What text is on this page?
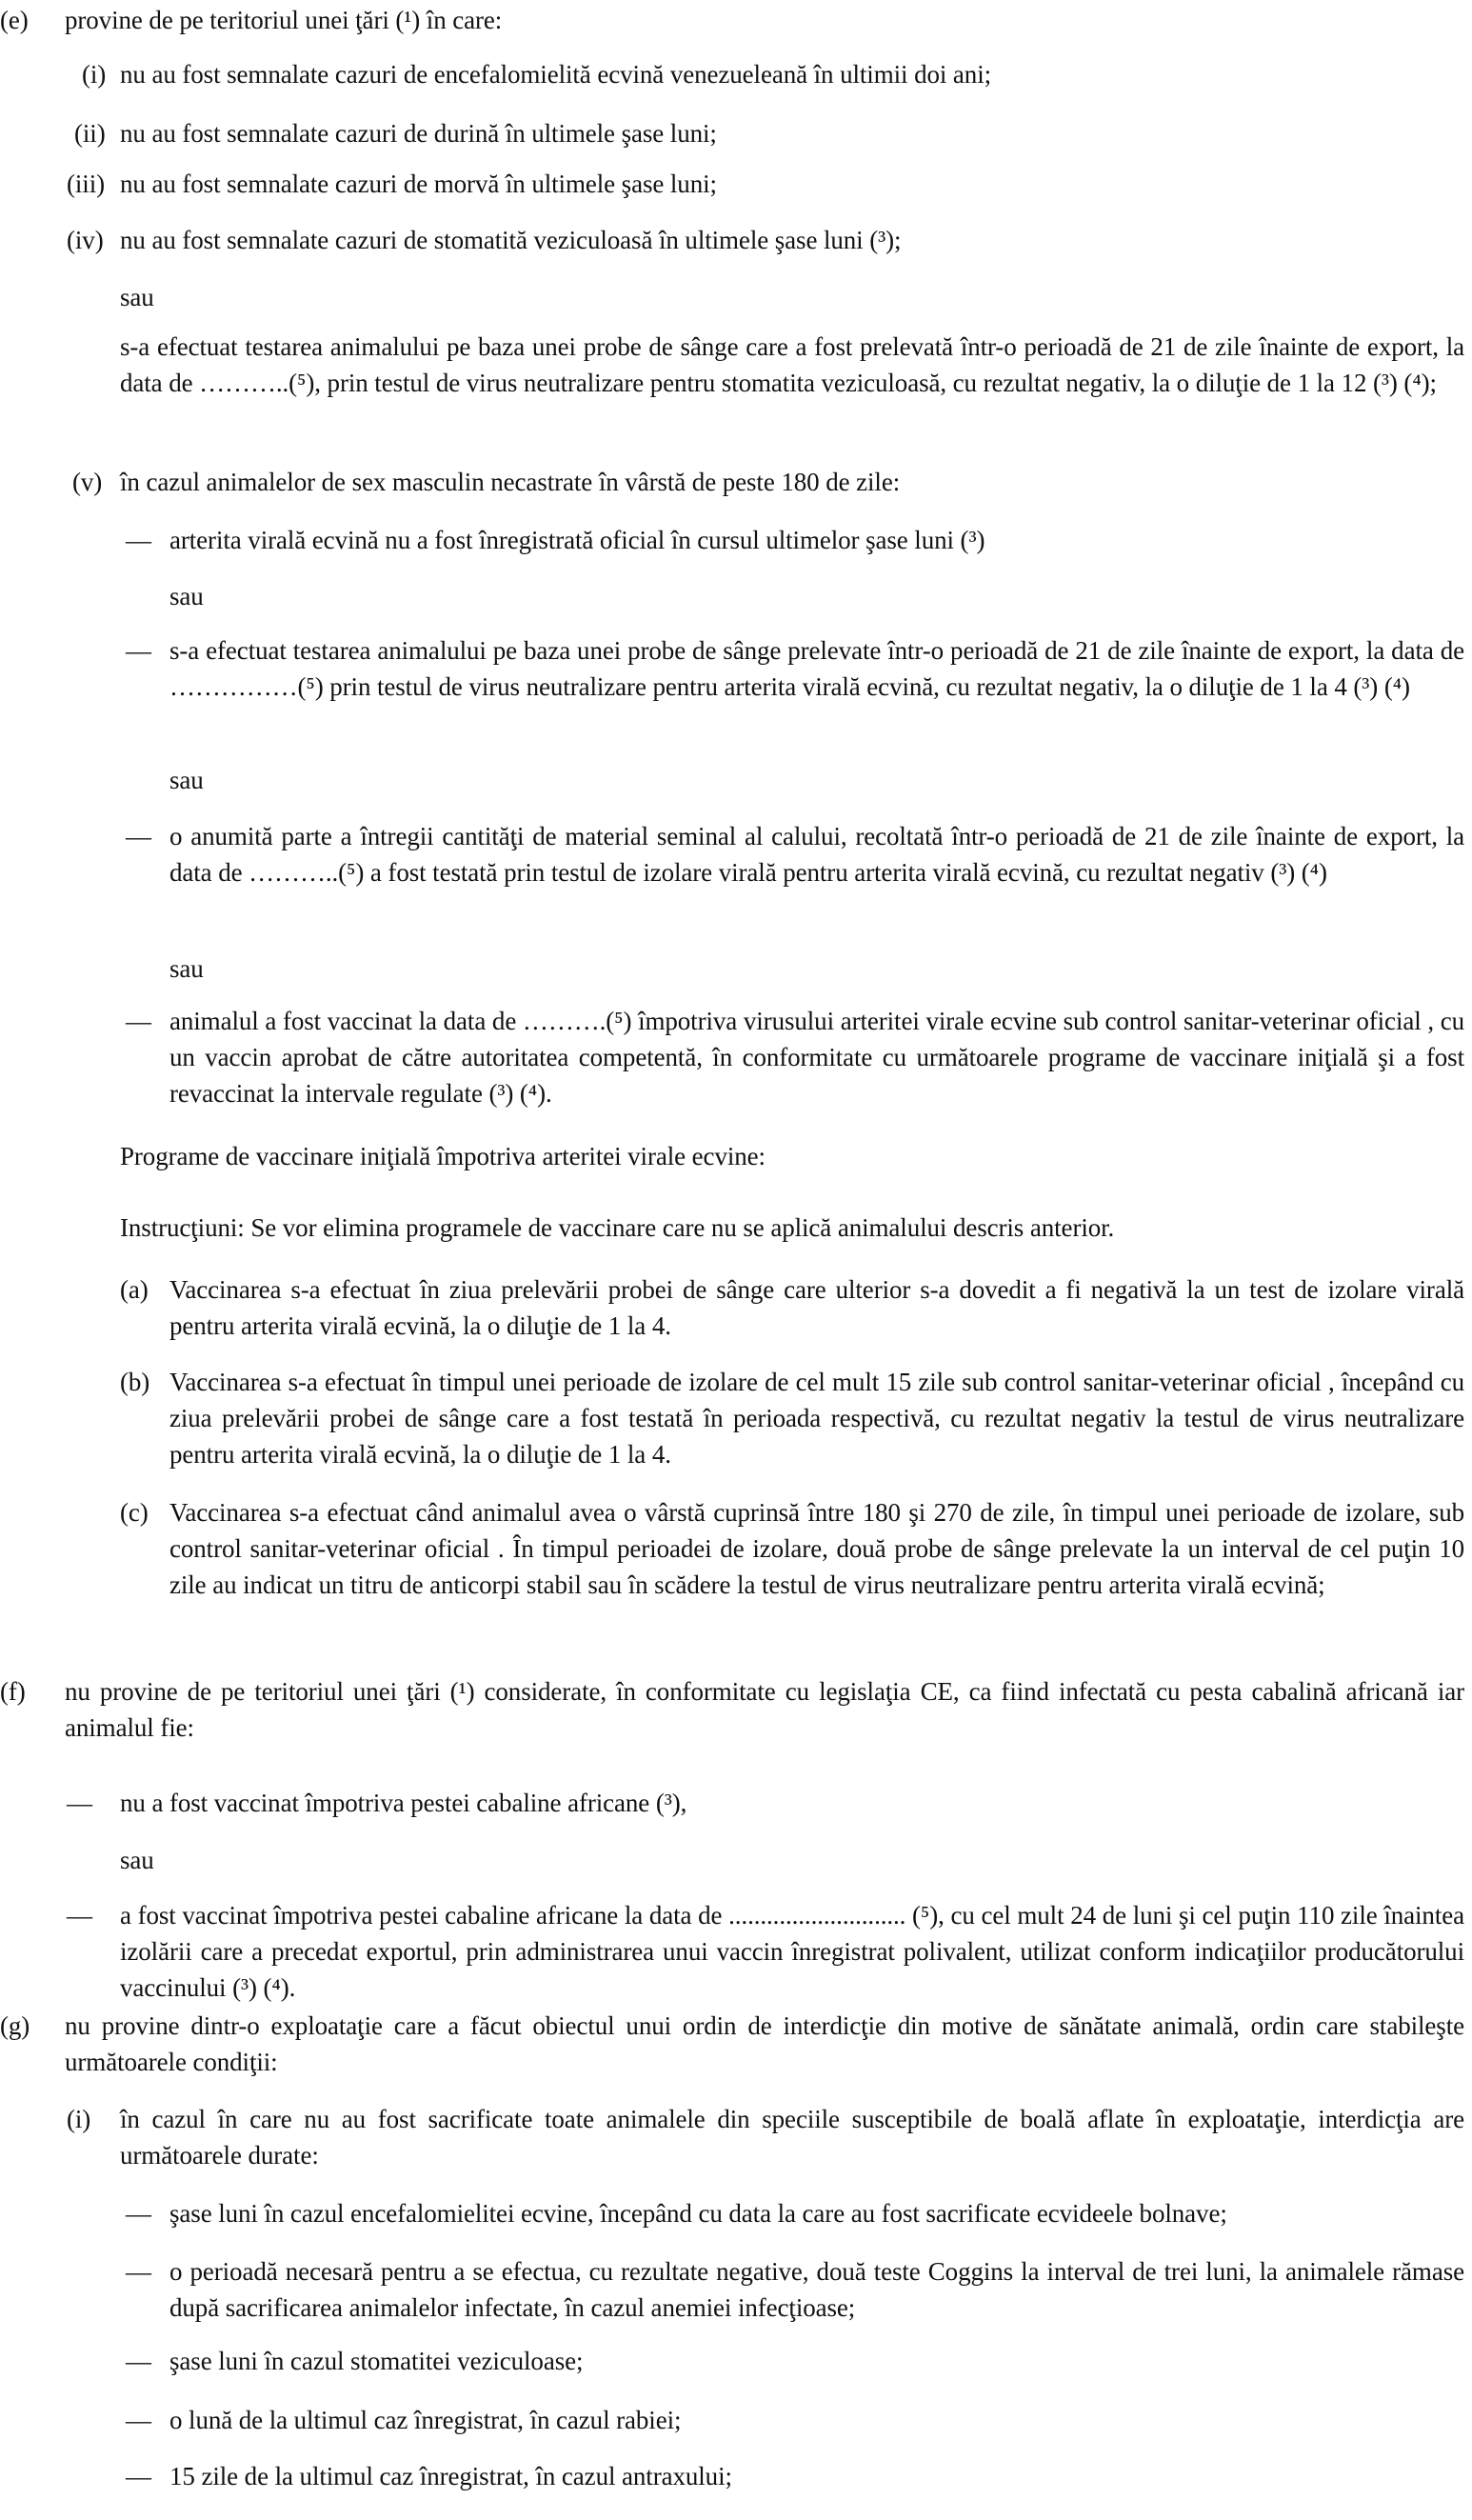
(e) provine de pe teritoriul unei ţări (¹) în care:

(i) nu au fost semnalate cazuri de encefalomielită ecvină venezueleană în ultimii doi ani;

(ii) nu au fost semnalate cazuri de durină în ultimele şase luni;

(iii) nu au fost semnalate cazuri de morvă în ultimele şase luni;

(iv) nu au fost semnalate cazuri de stomatită veziculoasă în ultimele şase luni (³);

sau

s-a efectuat testarea animalului pe baza unei probe de sânge care a fost prelevată într-o perioadă de 21 de zile înainte de export, la data de ………..(⁵), prin testul de virus neutralizare pentru stomatita veziculoasă, cu rezultat negativ, la o diluţie de 1 la 12 (³) (⁴);

(v) în cazul animalelor de sex masculin necastrate în vârstă de peste 180 de zile:

— arterita virală ecvină nu a fost înregistrată oficial în cursul ultimelor şase luni (³)

sau

— s-a efectuat testarea animalului pe baza unei probe de sânge prelevate într-o perioadă de 21 de zile înainte de export, la data de ……………(⁵) prin testul de virus neutralizare pentru arterita virală ecvină, cu rezultat negativ, la o diluţie de 1 la 4 (³) (⁴)

sau

— o anumită parte a întregii cantităţi de material seminal al calului, recoltată într-o perioadă de 21 de zile înainte de export, la data de ………..(⁵) a fost testată prin testul de izolare virală pentru arterita virală ecvină, cu rezultat negativ (³) (⁴)

sau

— animalul a fost vaccinat la data de ……….(⁵) împotriva virusului arteritei virale ecvine sub control sanitar-veterinar oficial , cu un vaccin aprobat de către autoritatea competentă, în conformitate cu următoarele programe de vaccinare iniţială şi a fost revaccinat la intervale regulate (³) (⁴).

Programe de vaccinare iniţială împotriva arteritei virale ecvine:

Instrucţiuni: Se vor elimina programele de vaccinare care nu se aplică animalului descris anterior.

(a) Vaccinarea s-a efectuat în ziua prelevării probei de sânge care ulterior s-a dovedit a fi negativă la un test de izolare virală pentru arterita virală ecvină, la o diluţie de 1 la 4.

(b) Vaccinarea s-a efectuat în timpul unei perioade de izolare de cel mult 15 zile sub control sanitar-veterinar oficial , începând cu ziua prelevării probei de sânge care a fost testată în perioada respectivă, cu rezultat negativ la testul de virus neutralizare pentru arterita virală ecvină, la o diluţie de 1 la 4.

(c) Vaccinarea s-a efectuat când animalul avea o vârstă cuprinsă între 180 şi 270 de zile, în timpul unei perioade de izolare, sub control sanitar-veterinar oficial . În timpul perioadei de izolare, două probe de sânge prelevate la un interval de cel puţin 10 zile au indicat un titru de anticorpi stabil sau în scădere la testul de virus neutralizare pentru arterita virală ecvină;

(f) nu provine de pe teritoriul unei ţări (¹) considerate, în conformitate cu legislaţia CE, ca fiind infectată cu pesta cabalină africană iar animalul fie:

— nu a fost vaccinat împotriva pestei cabaline africane (³),

sau

— a fost vaccinat împotriva pestei cabaline africane la data de ............................ (⁵), cu cel mult 24 de luni şi cel puţin 110 zile înaintea izolării care a precedat exportul, prin administrarea unui vaccin înregistrat polivalent, utilizat conform indicaţiilor producătorului vaccinului (³) (⁴).

(g) nu provine dintr-o exploataţie care a făcut obiectul unui ordin de interdicţie din motive de sănătate animală, ordin care stabileşte următoarele condiţii:

(i) în cazul în care nu au fost sacrificate toate animalele din speciile susceptibile de boală aflate în exploataţie, interdicţia are următoarele durate:

— şase luni în cazul encefalomielitei ecvine, începând cu data la care au fost sacrificate ecvideele bolnave;

— o perioadă necesară pentru a se efectua, cu rezultate negative, două teste Coggins la interval de trei luni, la animalele rămase după sacrificarea animalelor infectate, în cazul anemiei infecţioase;

— şase luni în cazul stomatitei veziculoase;

— o lună de la ultimul caz înregistrat, în cazul rabiei;

— 15 zile de la ultimul caz înregistrat, în cazul antraxului;
